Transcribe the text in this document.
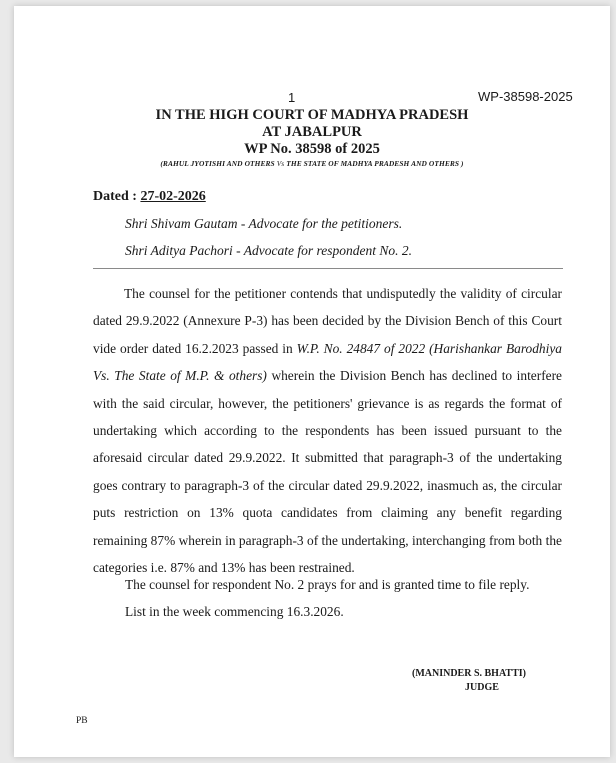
1	WP-38598-2025
IN THE HIGH COURT OF MADHYA PRADESH
AT JABALPUR
WP No. 38598 of 2025
(RAHUL JYOTISHI AND OTHERS Vs THE STATE OF MADHYA PRADESH AND OTHERS )
Dated : 27-02-2026
Shri Shivam Gautam - Advocate for the petitioners.
Shri Aditya Pachori - Advocate for respondent No. 2.

The counsel for the petitioner contends that undisputedly the validity of circular dated 29.9.2022 (Annexure P-3) has been decided by the Division Bench of this Court vide order dated 16.2.2023 passed in W.P. No. 24847 of 2022 (Harishankar Barodhiya Vs. The State of M.P. & others) wherein the Division Bench has declined to interfere with the said circular, however, the petitioners' grievance is as regards the format of undertaking which according to the respondents has been issued pursuant to the aforesaid circular dated 29.9.2022. It submitted that paragraph-3 of the undertaking goes contrary to paragraph-3 of the circular dated 29.9.2022, inasmuch as, the circular puts restriction on 13% quota candidates from claiming any benefit regarding remaining 87% wherein in paragraph-3 of the undertaking, interchanging from both the categories i.e. 87% and 13% has been restrained.

The counsel for respondent No. 2 prays for and is granted time to file reply.
List in the week commencing 16.3.2026.
(MANINDER S. BHATTI)
JUDGE
PB
